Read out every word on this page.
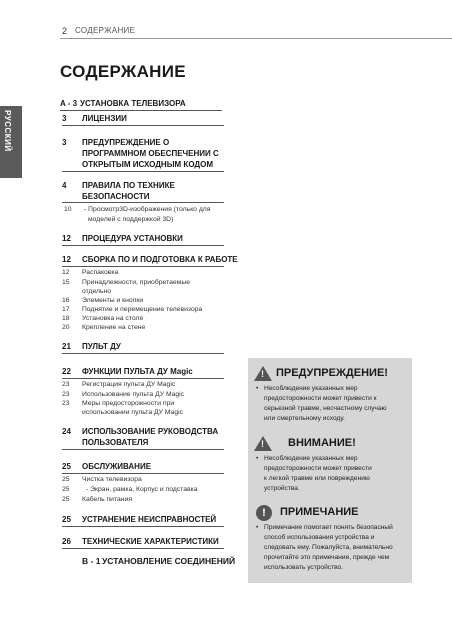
2 СОДЕРЖАНИЕ
РУССКИЙ
СОДЕРЖАНИЕ
A - 3 УСТАНОВКА ТЕЛЕВИЗОРА
3 ЛИЦЕНЗИИ
3 ПРЕДУПРЕЖДЕНИЕ О
ПРОГРАММНОМ ОБЕСПЕЧЕНИИ С
ОТКРЫТЫМ ИСХОДНЫМ КОДОМ
4 ПРАВИЛА ПО ТЕХНИКЕ
БЕЗОПАСНОСТИ
10 - Просмотр3D-изображения (только для
моделей с поддержкой 3D)
12 ПРОЦЕДУРА УСТАНОВКИ
12 СБОРКА ПО И ПОДГОТОВКА К РАБОТЕ
12 Распаковка
15 Принадлежности, приобретаемые
отдельно
16 Элементы и кнопки
17 Поднятие и перемещение телевизора
18 Установка на столе
20 Крепление на стене
21 ПУЛЬТ ДУ
22 ФУНКЦИИ ПУЛЬТА ДУ Magic
23 Регистрация пульта ДУ Magic
23 Использование пульта ДУ Magic
23 Меры предосторожности при
использовании пульта ДУ Magic
24 ИСПОЛЬЗОВАНИЕ РУКОВОДСТВА
ПОЛЬЗОВАТЕЛЯ
25 ОБСЛУЖИВАНИЕ
25 Чистка телевизора
25 - Экран, рамка, Корпус и подставка
25 Кабель питания
25 УСТРАНЕНИЕ НЕИСПРАВНОСТЕЙ
26 ТЕХНИЧЕСКИЕ ХАРАКТЕРИСТИКИ
B - 1 УСТАНОВЛЕНИЕ СОЕДИНЕНИЙ
! ПРЕДУПРЕЖДЕНИЕ!
• Несоблюдение указанных мер
предосторожности может привести к
серьезной травме, несчастному случаю
или смертельному исходу.
! ВНИМАНИЕ!
• Несоблюдение указанных мер
предосторожности может привести
к легкой травме или повреждению
устройства.
!	ПРИМЕЧАНИЕ
• Примечание помогает понять безопасный
способ использования устройства и
следовать ему. Пожалуйста, внимательно
прочитайте это примечание, прежде чем
использовать устройство.
